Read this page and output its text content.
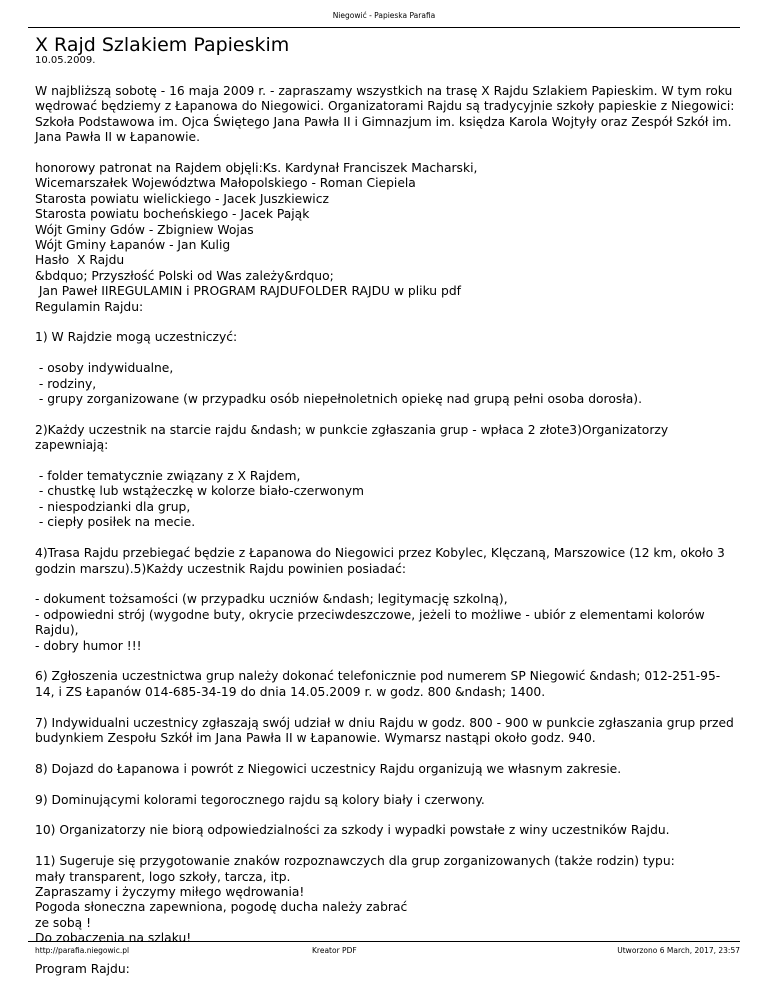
Niegowić - Papieska Parafia
X Rajd Szlakiem Papieskim
10.05.2009.

W najbliższą sobotę - 16 maja 2009 r. - zapraszamy wszystkich na trasę X Rajdu Szlakiem Papieskim. W tym roku wędrować będziemy z Łapanowa do Niegowici. Organizatorami Rajdu są tradycyjnie szkoły papieskie z Niegowici: Szkoła Podstawowa im. Ojca Świętego Jana Pawła II i Gimnazjum im. księdza Karola Wojtyły oraz Zespół Szkół im. Jana Pawła II w Łapanowie.

honorowy patronat na Rajdem objęli:Ks. Kardynał Franciszek Macharski,
Wicemarszałek Województwa Małopolskiego - Roman Ciepiela
Starosta powiatu wielickiego - Jacek Juszkiewicz
Starosta powiatu bocheńskiego - Jacek Pająk
Wójt Gminy Gdów - Zbigniew Wojas
Wójt Gminy Łapanów - Jan Kulig
Hasło  X Rajdu
&bdquo; Przyszłość Polski od Was zależy&rdquo;
Jan Paweł IIREGULAMIN i PROGRAM RAJDUFOLDER RAJDU w pliku pdf
Regulamin Rajdu:

1) W Rajdzie mogą uczestniczyć:

- osoby indywidualne,
- rodziny,
- grupy zorganizowane (w przypadku osób niepełnoletnich opiekę nad grupą pełni osoba dorosła).

2)Każdy uczestnik na starcie rajdu &ndash; w punkcie zgłaszania grup - wpłaca 2 złote3)Organizatorzy zapewniają:

- folder tematycznie związany z X Rajdem,
- chustkę lub wstążeczkę w kolorze biało-czerwonym
- niespodzianki dla grup,
- ciepły posiłek na mecie.

4)Trasa Rajdu przebiegać będzie z Łapanowa do Niegowici przez Kobylec, Klęczaną, Marszowice (12 km, około 3 godzin marszu).5)Każdy uczestnik Rajdu powinien posiadać:

- dokument tożsamości (w przypadku uczniów &ndash; legitymację szkolną),
- odpowiedni strój (wygodne buty, okrycie przeciwdeszczowe, jeżeli to możliwe - ubiór z elementami kolorów Rajdu),
- dobry humor !!!

6) Zgłoszenia uczestnictwa grup należy dokonać telefonicznie pod numerem SP Niegowić &ndash; 012-251-95-14, i ZS Łapanów 014-685-34-19 do dnia 14.05.2009 r. w godz. 800 &ndash; 1400.

7) Indywidualni uczestnicy zgłaszają swój udział w dniu Rajdu w godz. 800 - 900 w punkcie zgłaszania grup przed budynkiem Zespołu Szkół im Jana Pawła II w Łapanowie. Wymarsz nastąpi około godz. 940.

8) Dojazd do Łapanowa i powrót z Niegowici uczestnicy Rajdu organizują we własnym zakresie.

9) Dominującymi kolorami tegorocznego rajdu są kolory biały i czerwony.

10) Organizatorzy nie biorą odpowiedzialności za szkody i wypadki powstałe z winy uczestników Rajdu.

11) Sugeruje się przygotowanie znaków rozpoznawczych dla grup zorganizowanych (także rodzin) typu:
mały transparent, logo szkoły, tarcza, itp.
Zapraszamy i życzymy miłego wędrowania!
Pogoda słoneczna zapewniona, pogodę ducha należy zabrać
ze sobą !
Do zobaczenia na szlaku!

Program Rajdu:

http://parafia.niegowic.pl	Kreator PDF	Utworzono 6 March, 2017, 23:57
